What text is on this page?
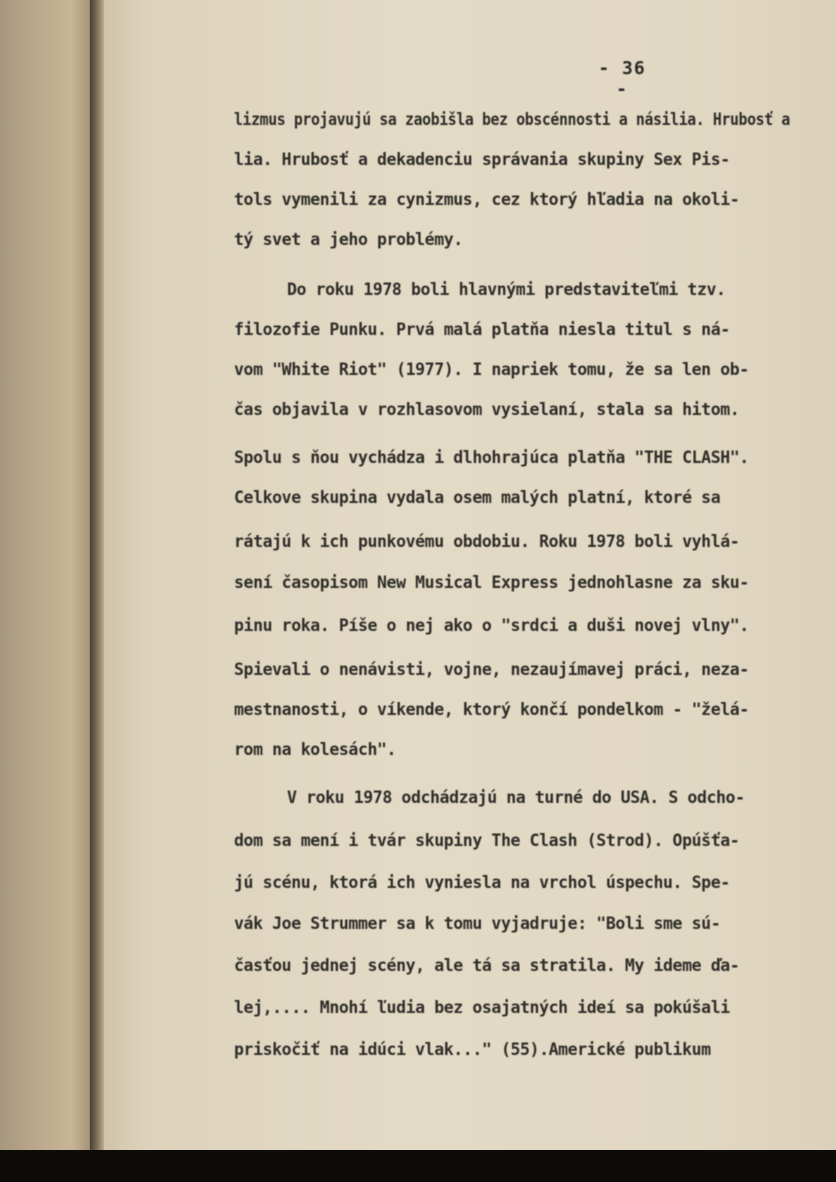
- 36 -
lizmus projavujú sa zaobišla bez obscénnosti a násilia. Hrubosť a
lia. Hrubosť a dekadenciu správania skupiny Sex Pis-
tols vymenili za cynizmus, cez ktorý hľadia na okoli-
tý svet a jeho problémy.
Do roku 1978 boli hlavnými predstaviteľmi tzv.
filozofie Punku. Prvá malá platňa niesla titul s ná-
vom "White Riot" (1977). I napriek tomu, že sa len ob-
čas objavila v rozhlasovom vysielaní, stala sa hitom.
Spolu s ňou vychádza i dlhohrajúca platňa "THE CLASH".
Celkove skupina vydala osem malých platní, ktoré sa
rátajú k ich punkovému obdobiu. Roku 1978 boli vyhlá-
sení časopisom New Musical Express jednohlasne za sku-
pinu roka. Píše o nej ako o "srdci a duši novej vlny".
Spievali o nenávisti, vojne, nezaujímavej práci, neza-
mestnanosti, o víkende, ktorý končí pondelkom - "želá-
rom na kolesách".
V roku 1978 odchádzajú na turné do USA. S odcho-
dom sa mení i tvár skupiny The Clash (Strod). Opúšťa-
jú scénu, ktorá ich vyniesla na vrchol úspechu. Spe-
vák Joe Strummer sa k tomu vyjadruje: "Boli sme sú-
časťou jednej scény, ale tá sa stratila. My ideme ďa-
lej,.... Mnohí ľudia bez osajatných ideí sa pokúšali
priskočiť na idúci vlak..." (55).Americké publikum
